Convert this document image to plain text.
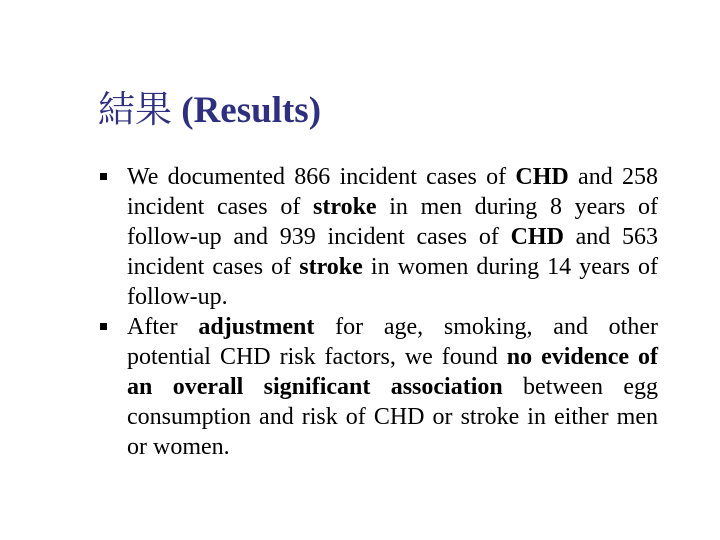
結果 (Results)
We documented 866 incident cases of CHD and 258 incident cases of stroke in men during 8 years of follow-up and 939 incident cases of CHD and 563 incident cases of stroke in women during 14 years of follow-up.
After adjustment for age, smoking, and other potential CHD risk factors, we found no evidence of an overall significant association between egg consumption and risk of CHD or stroke in either men or women.
